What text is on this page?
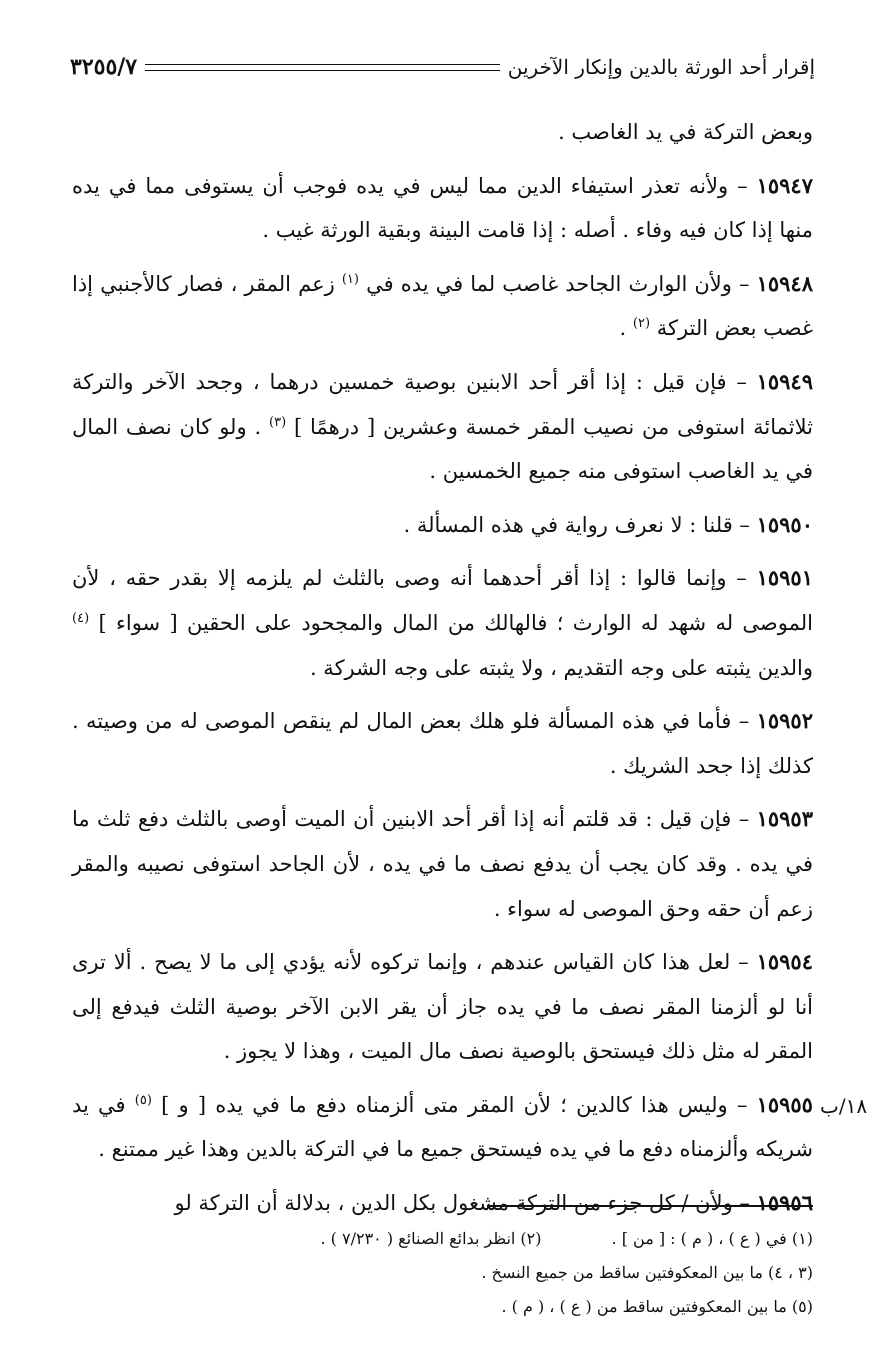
إقرار أحد الورثة بالدين وإنكار الآخرين
٣٢٥٥/٧

وبعض التركة في يد الغاصب .

١٥٩٤٧ – ولأنه تعذر استيفاء الدين مما ليس في يده فوجب أن يستوفى مما في يده منها إذا كان فيه وفاء . أصله : إذا قامت البينة وبقية الورثة غيب .

١٥٩٤٨ – ولأن الوارث الجاحد غاصب لما في يده في $^{(١)}$ زعم المقر ، فصار كالأجنبي إذا غصب بعض التركة $^{(٢)}$ .

١٥٩٤٩ – فإن قيل : إذا أقر أحد الابنين بوصية خمسين درهما ، وجحد الآخر والتركة ثلاثمائة استوفى من نصيب المقر خمسة وعشرين [ درهمًا ] $^{(٣)}$ . ولو كان نصف المال في يد الغاصب استوفى منه جميع الخمسين .

١٥٩٥٠ – قلنا : لا نعرف رواية في هذه المسألة .

١٥٩٥١ – وإنما قالوا : إذا أقر أحدهما أنه وصى بالثلث لم يلزمه إلا بقدر حقه ، لأن الموصى له شهد له الوارث ؛ فالهالك من المال والمجحود على الحقين [ سواء ] $^{(٤)}$ والدين يثبته على وجه التقديم ، ولا يثبته على وجه الشركة .

١٥٩٥٢ – فأما في هذه المسألة فلو هلك بعض المال لم ينقص الموصى له من وصيته . كذلك إذا جحد الشريك .

١٥٩٥٣ – فإن قيل : قد قلتم أنه إذا أقر أحد الابنين أن الميت أوصى بالثلث دفع ثلث ما في يده . وقد كان يجب أن يدفع نصف ما في يده ، لأن الجاحد استوفى نصيبه والمقر زعم أن حقه وحق الموصى له سواء .

١٥٩٥٤ – لعل هذا كان القياس عندهم ، وإنما تركوه لأنه يؤدي إلى ما لا يصح . ألا ترى أنا لو ألزمنا المقر نصف ما في يده جاز أن يقر الابن الآخر بوصية الثلث فيدفع إلى المقر له مثل ذلك فيستحق بالوصية نصف مال الميت ، وهذا لا يجوز .

١٥٩٥٥ – وليس هذا كالدين ؛ لأن المقر متى ألزمناه دفع ما في يده [ و ] $^{(٥)}$ في يد شريكه وألزمناه دفع ما في يده فيستحق جميع ما في التركة بالدين وهذا غير ممتنع .

١٥٩٥٦ – ولأن / كل جزء من التركة مشغول بكل الدين ، بدلالة أن التركة لو

١٨/ب
(١) في ( ع ) ، ( م ) : [ من ] .
(٢) انظر بدائع الصنائع ( ٧/٢٣٠ ) .
(٣ ، ٤) ما بين المعكوفتين ساقط من جميع النسخ .
(٥) ما بين المعكوفتين ساقط من ( ع ) ، ( م ) .
